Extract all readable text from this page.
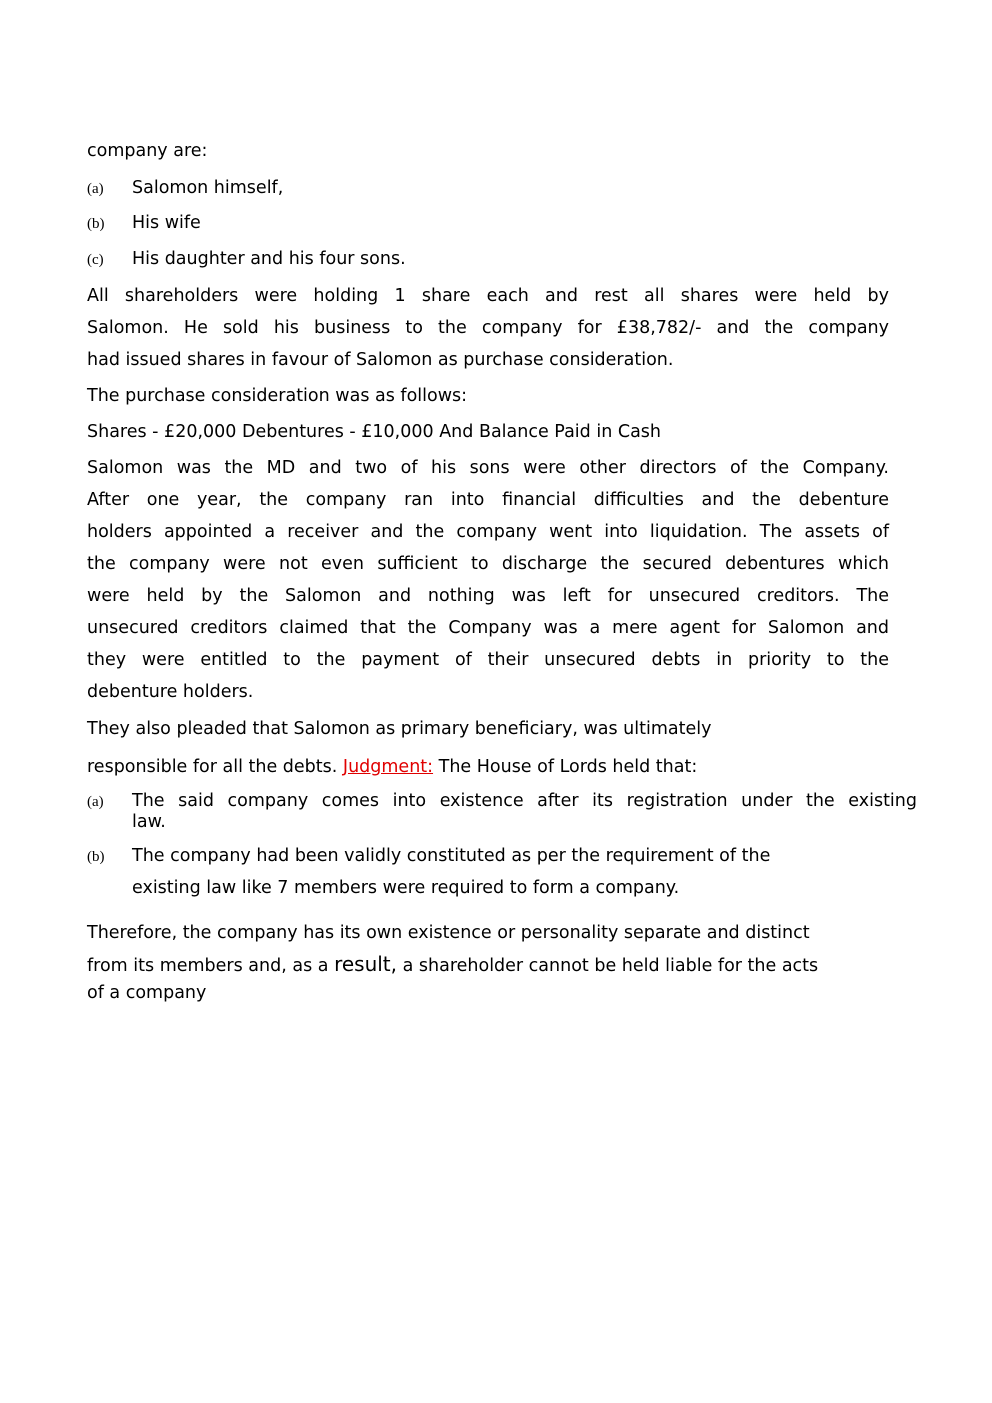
company are:
(a) Salomon himself,
(b) His wife
(c) His daughter and his four sons.
All shareholders were holding 1 share each and rest all shares were held by
Salomon. He sold his business to the company for £38,782/- and the company
had issued shares in favour of Salomon as purchase consideration.
The purchase consideration was as follows:
Shares - £20,000 Debentures - £10,000 And Balance Paid in Cash
Salomon was the MD and two of his sons were other directors of the Company.
After one year, the company ran into financial difficulties and the debenture
holders appointed a receiver and the company went into liquidation. The assets of
the company were not even sufficient to discharge the secured debentures which
were held by the Salomon and nothing was left for unsecured creditors. The
unsecured creditors claimed that the Company was a mere agent for Salomon and
they were entitled to the payment of their unsecured debts in priority to the
debenture holders.
They also pleaded that Salomon as primary beneficiary, was ultimately
responsible for all the debts. Judgment: The House of Lords held that:
(a) The said company comes into existence after its registration under the existing
law.
(b) The company had been validly constituted as per the requirement of the
existing law like 7 members were required to form a company.
Therefore, the company has its own existence or personality separate and distinct
from its members and, as a result, a shareholder cannot be held liable for the acts
of a company
